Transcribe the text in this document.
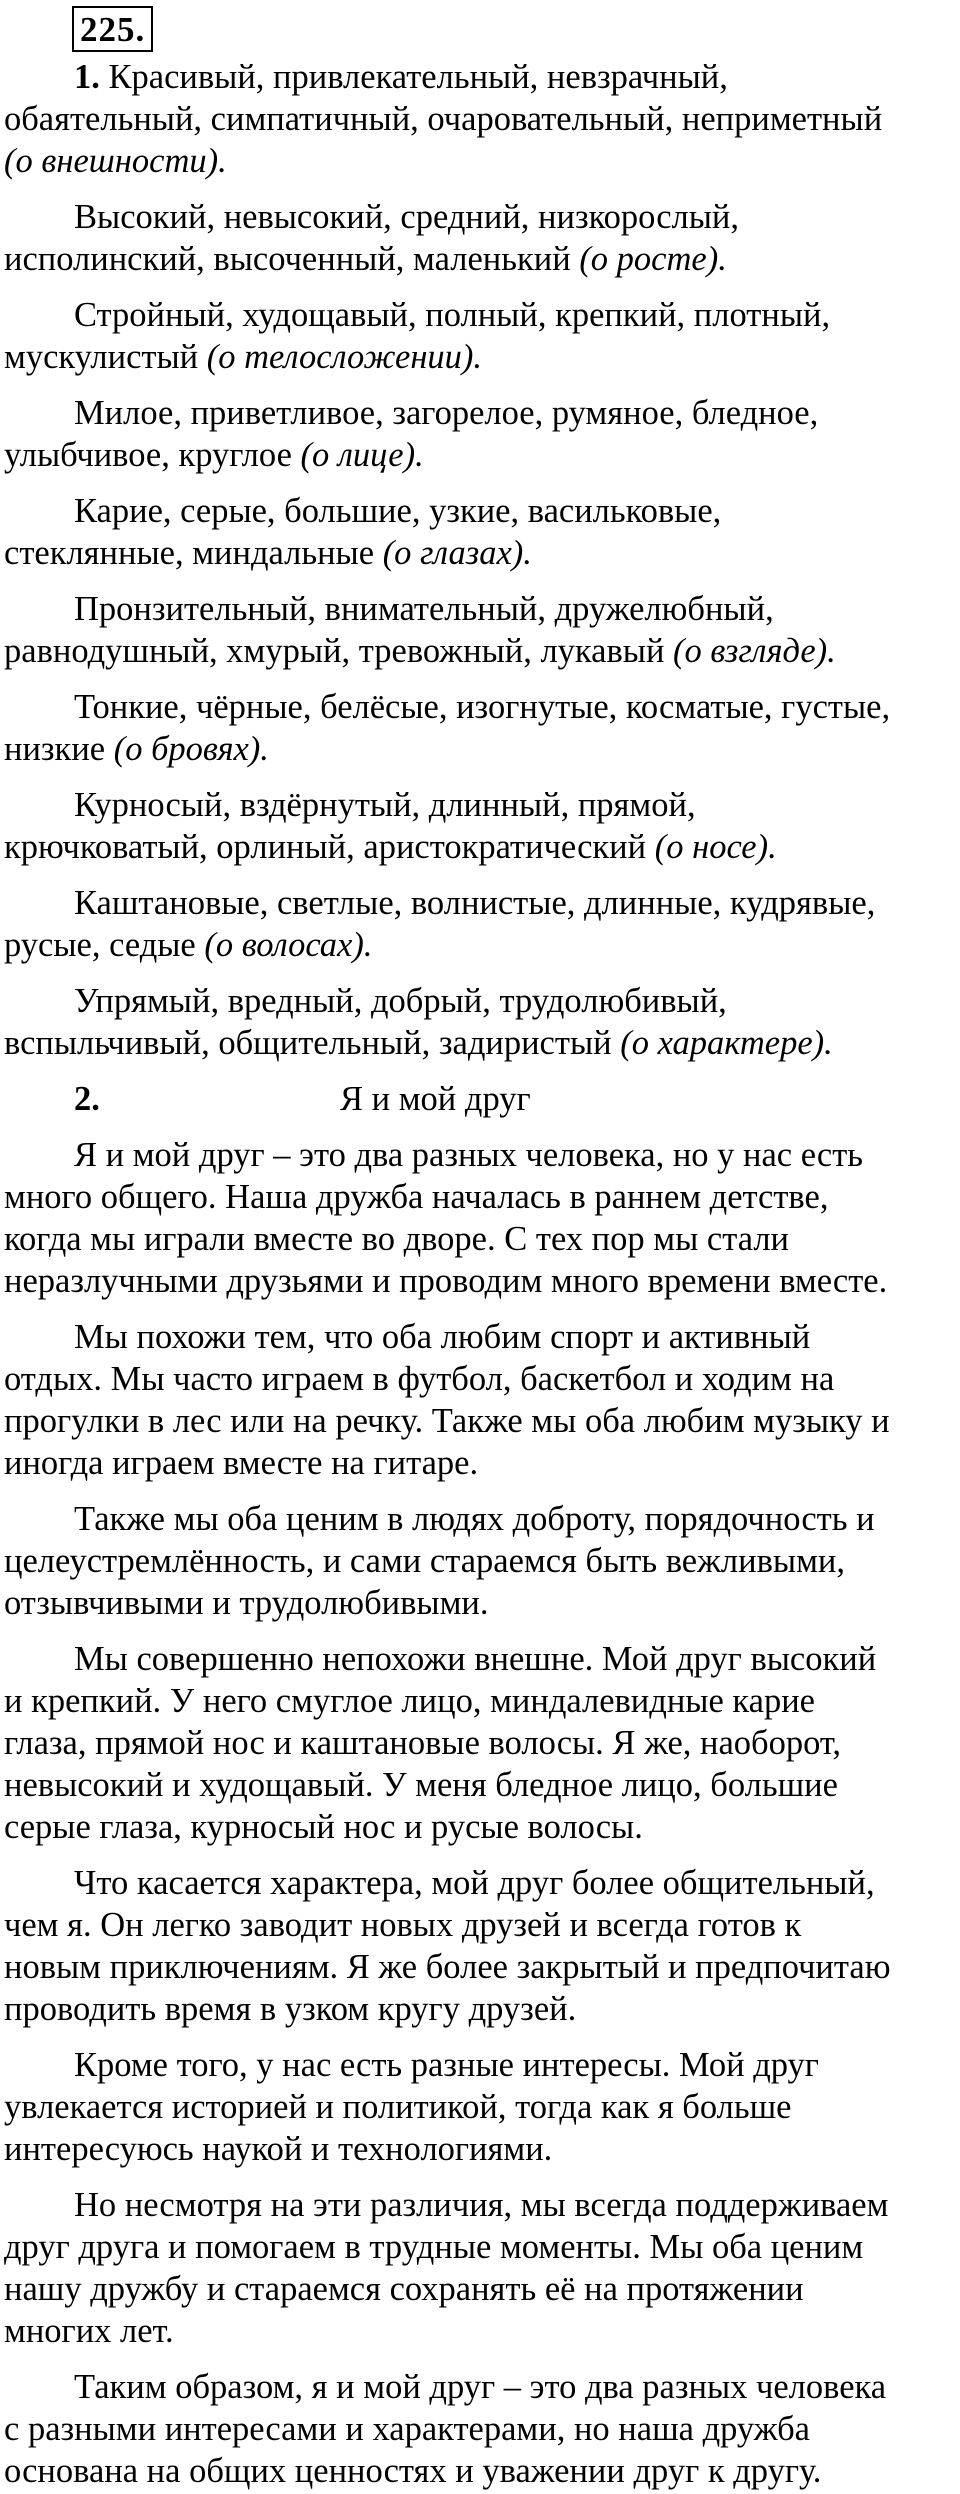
225.

1. Красивый, привлекательный, невзрачный,
обаятельный, симпатичный, очаровательный, неприметный
(о внешности).

Высокий, невысокий, средний, низкорослый,
исполинский, высоченный, маленький (о росте).

Стройный, худощавый, полный, крепкий, плотный,
мускулистый (о телосложении).

Милое, приветливое, загорелое, румяное, бледное,
улыбчивое, круглое (о лице).

Карие, серые, большие, узкие, васильковые,
стеклянные, миндальные (о глазах).

Пронзительный, внимательный, дружелюбный,
равнодушный, хмурый, тревожный, лукавый (о взгляде).

Тонкие, чёрные, белёсые, изогнутые, косматые, густые,
низкие (о бровях).

Курносый, вздёрнутый, длинный, прямой,
крючковатый, орлиный, аристократический (о носе).

Каштановые, светлые, волнистые, длинные, кудрявые,
русые, седые (о волосах).

Упрямый, вредный, добрый, трудолюбивый,
вспыльчивый, общительный, задиристый (о характере).

2.	Я и мой друг

Я и мой друг – это два разных человека, но у нас есть
много общего. Наша дружба началась в раннем детстве,
когда мы играли вместе во дворе. С тех пор мы стали
неразлучными друзьями и проводим много времени вместе.

Мы похожи тем, что оба любим спорт и активный
отдых. Мы часто играем в футбол, баскетбол и ходим на
прогулки в лес или на речку. Также мы оба любим музыку и
иногда играем вместе на гитаре.

Также мы оба ценим в людях доброту, порядочность и
целеустремлённость, и сами стараемся быть вежливыми,
отзывчивыми и трудолюбивыми.

Мы совершенно непохожи внешне. Мой друг высокий
и крепкий. У него смуглое лицо, миндалевидные карие
глаза, прямой нос и каштановые волосы. Я же, наоборот,
невысокий и худощавый. У меня бледное лицо, большие
серые глаза, курносый нос и русые волосы.

Что касается характера, мой друг более общительный,
чем я. Он легко заводит новых друзей и всегда готов к
новым приключениям. Я же более закрытый и предпочитаю
проводить время в узком кругу друзей.

Кроме того, у нас есть разные интересы. Мой друг
увлекается историей и политикой, тогда как я больше
интересуюсь наукой и технологиями.

Но несмотря на эти различия, мы всегда поддерживаем
друг друга и помогаем в трудные моменты. Мы оба ценим
нашу дружбу и стараемся сохранять её на протяжении
многих лет.

Таким образом, я и мой друг – это два разных человека
с разными интересами и характерами, но наша дружба
основана на общих ценностях и уважении друг к другу.
